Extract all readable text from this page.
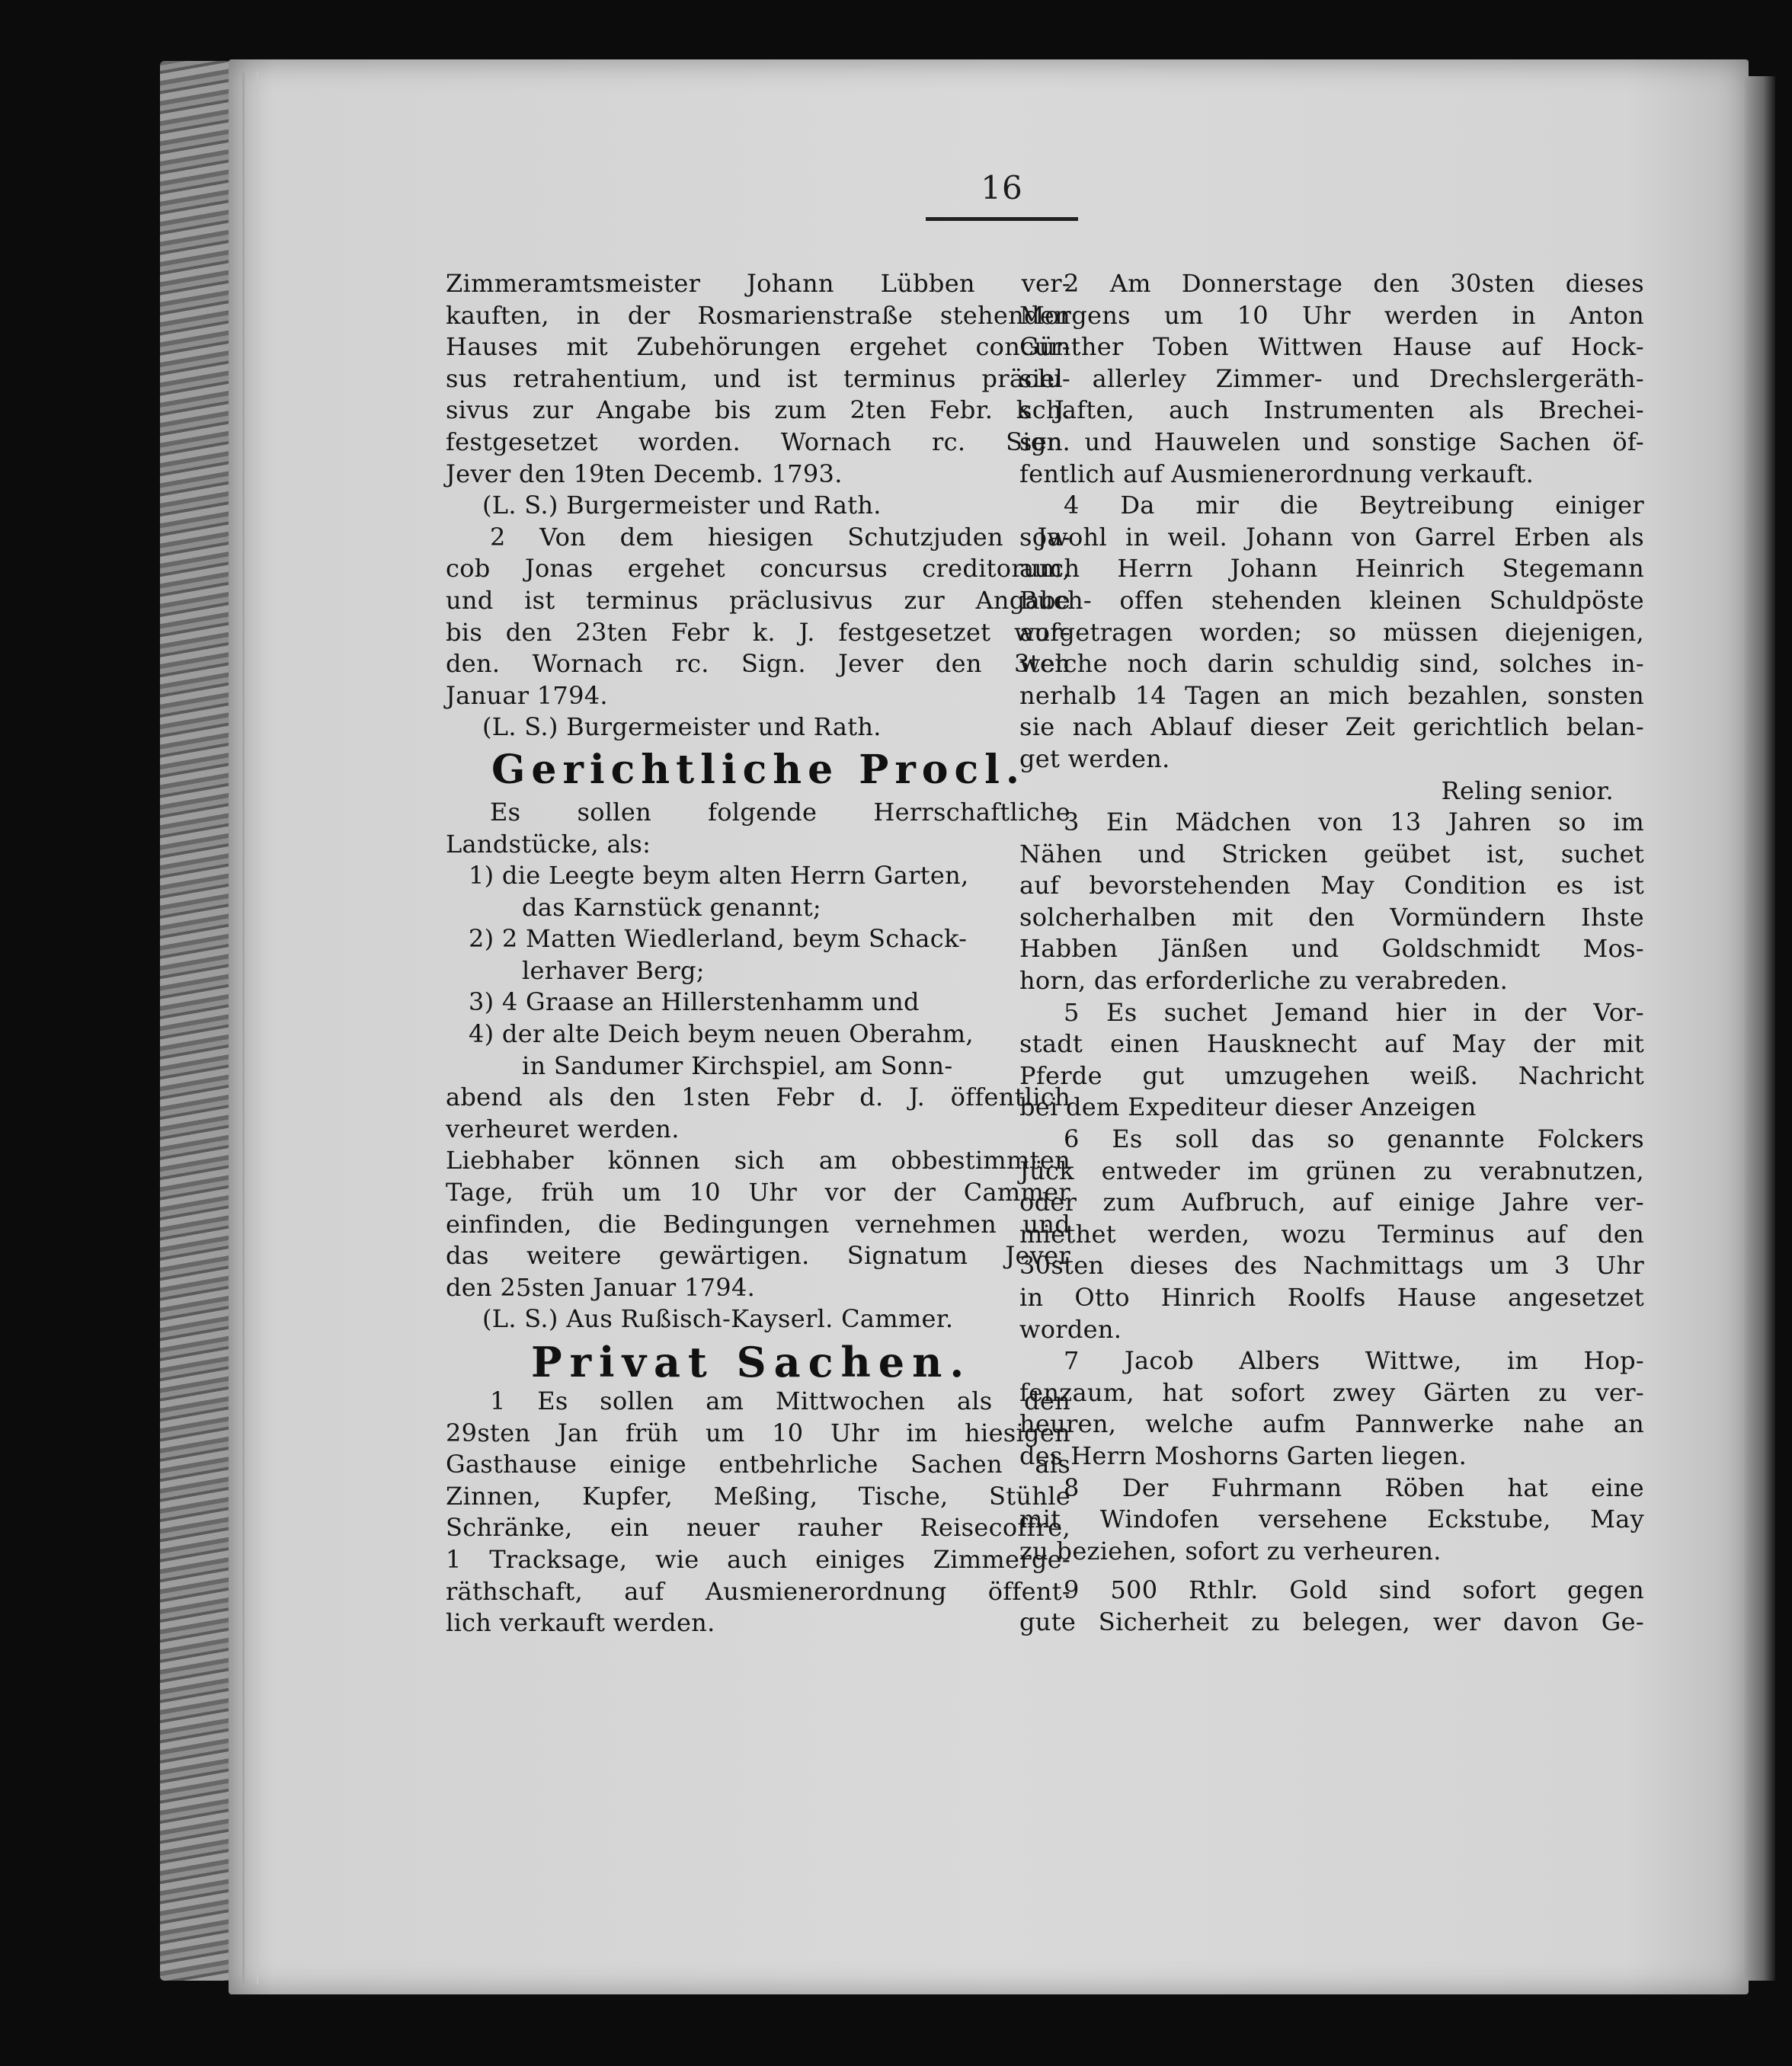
16

Zimmeramtsmeister Johann Lübben ver-
kauften, in der Rosmarienstraße stehenden
Hauses mit Zubehörungen ergehet concur-
sus retrahentium, und ist terminus präclu-
sivus zur Angabe bis zum 2ten Febr. k J.
festgesetzet worden. Wornach rc. Sign.
Jever den 19ten Decemb. 1793.

(L. S.) Burgermeister und Rath.

2 Von dem hiesigen Schutzjuden Ja-
cob Jonas ergehet concursus creditorum,
und ist terminus präclusivus zur Angabe
bis den 23ten Febr k. J. festgesetzet wor-
den. Wornach rc. Sign. Jever den 3ten
Januar 1794.

(L. S.) Burgermeister und Rath.
Gerichtliche Procl.

Es sollen folgende Herrschaftliche
Landstücke, als:

1) die Leegte beym alten Herrn Garten,
das Karnstück genannt;
2) 2 Matten Wiedlerland, beym Schack-
lerhaver Berg;
3) 4 Graase an Hillerstenhamm und
4) der alte Deich beym neuen Oberahm,
in Sandumer Kirchspiel, am Sonn-
abend als den 1sten Febr d. J. öffentlich
verheuret werden.

Liebhaber können sich am obbestimmten
Tage, früh um 10 Uhr vor der Cammer
einfinden, die Bedingungen vernehmen und
das weitere gewärtigen. Signatum Jever
den 25sten Januar 1794.

(L. S.) Aus Rußisch-Kayserl. Cammer.
Privat Sachen.

1 Es sollen am Mittwochen als den
29sten Jan früh um 10 Uhr im hiesigen
Gasthause einige entbehrliche Sachen als
Zinnen, Kupfer, Meßing, Tische, Stühle
Schränke, ein neuer rauher Reisecoffre,
1 Tracksage, wie auch einiges Zimmerge-
räthschaft, auf Ausmienerordnung öffent-
lich verkauft werden.

2 Am Donnerstage den 30sten dieses
Morgens um 10 Uhr werden in Anton
Günther Toben Wittwen Hause auf Hock-
siel allerley Zimmer- und Drechslergeräth-
schaften, auch Instrumenten als Brechei-
sen und Hauwelen und sonstige Sachen öf-
fentlich auf Ausmienerordnung verkauft.

4 Da mir die Beytreibung einiger
sowohl in weil. Johann von Garrel Erben als
auch Herrn Johann Heinrich Stegemann
Buch- offen stehenden kleinen Schuldpöste
aufgetragen worden; so müssen diejenigen,
welche noch darin schuldig sind, solches in-
nerhalb 14 Tagen an mich bezahlen, sonsten
sie nach Ablauf dieser Zeit gerichtlich belan-
get werden.

Reling senior.

3 Ein Mädchen von 13 Jahren so im
Nähen und Stricken geübet ist, suchet
auf bevorstehenden May Condition es ist
solcherhalben mit den Vormündern Ihste
Habben Jänßen und Goldschmidt Mos-
horn, das erforderliche zu verabreden.

5 Es suchet Jemand hier in der Vor-
stadt einen Hausknecht auf May der mit
Pferde gut umzugehen weiß. Nachricht
bei dem Expediteur dieser Anzeigen

6 Es soll das so genannte Folckers
Jück entweder im grünen zu verabnutzen,
oder zum Aufbruch, auf einige Jahre ver-
miethet werden, wozu Terminus auf den
30sten dieses des Nachmittags um 3 Uhr
in Otto Hinrich Roolfs Hause angesetzet
worden.

7 Jacob Albers Wittwe, im Hop-
fenzaum, hat sofort zwey Gärten zu ver-
heuren, welche aufm Pannwerke nahe an
des Herrn Moshorns Garten liegen.

8 Der Fuhrmann Röben hat eine
mit Windofen versehene Eckstube, May
zu beziehen, sofort zu verheuren.

9 500 Rthlr. Gold sind sofort gegen
gute Sicherheit zu belegen, wer davon Ge-
